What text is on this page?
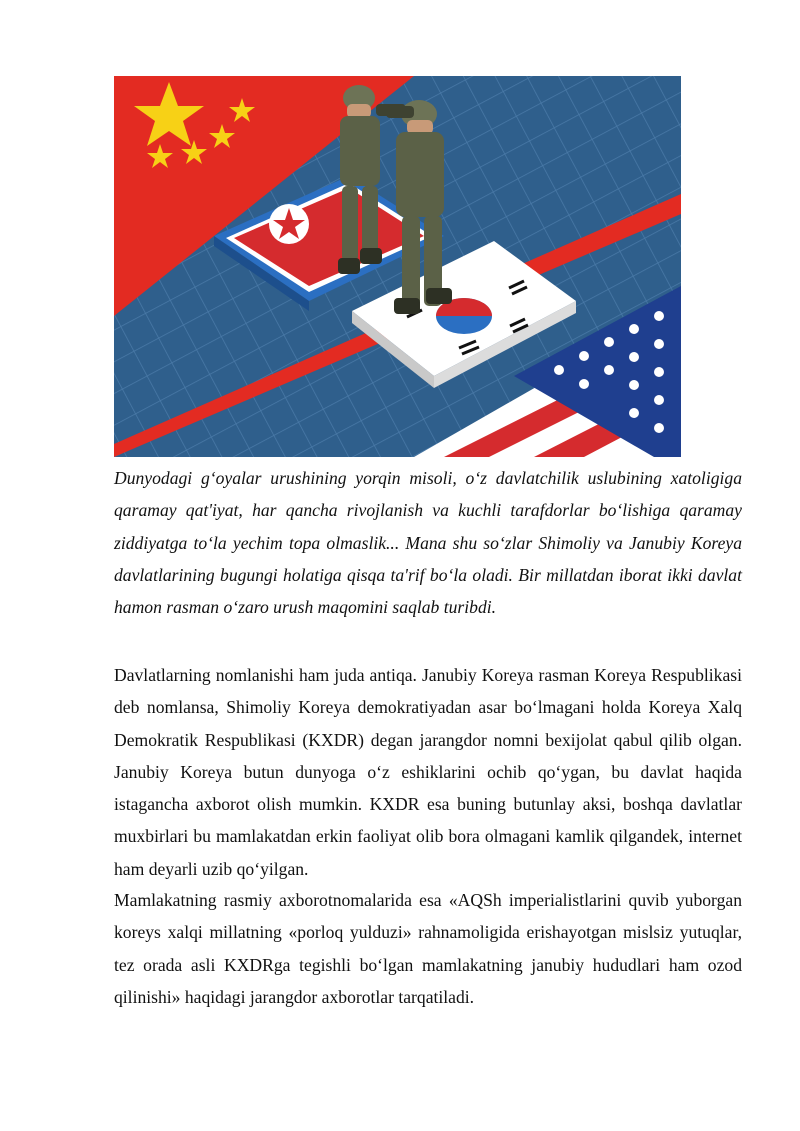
Dunyodagi g‘oyalar urushining yorqin misoli, o‘z davlatchilik uslubining xatoligiga qaramay qat'iyat, har qancha rivojlanish va kuchli tarafdorlar bo‘lishiga qaramay ziddiyatga to‘la yechim topa olmaslik... Mana shu so‘zlar Shimoliy va Janubiy Koreya davlatlarining bugungi holatiga qisqa ta'rif bo‘la oladi. Bir millatdan iborat ikki davlat hamon rasman o‘zaro urush maqomini saqlab turibdi.

Davlatlarning nomlanishi ham juda antiqa. Janubiy Koreya rasman Koreya Respublikasi deb nomlansa, Shimoliy Koreya demokratiyadan asar bo‘lmagani holda Koreya Xalq Demokratik Respublikasi (KXDR) degan jarangdor nomni bexijolat qabul qilib olgan. Janubiy Koreya butun dunyoga o‘z eshiklarini ochib qo‘ygan, bu davlat haqida istagancha axborot olish mumkin. KXDR esa buning butunlay aksi, boshqa davlatlar muxbirlari bu mamlakatdan erkin faoliyat olib bora olmagani kamlik qilgandek, internet ham deyarli uzib qo‘yilgan.

Mamlakatning rasmiy axborotnomalarida esa «AQSh imperialistlarini quvib yuborgan koreys xalqi millatning «porloq yulduzi» rahnamoligida erishayotgan mislsiz yutuqlar, tez orada asli KXDRga tegishli bo‘lgan mamlakatning janubiy hududlari ham ozod qilinishi» haqidagi jarangdor axborotlar tarqatiladi.
